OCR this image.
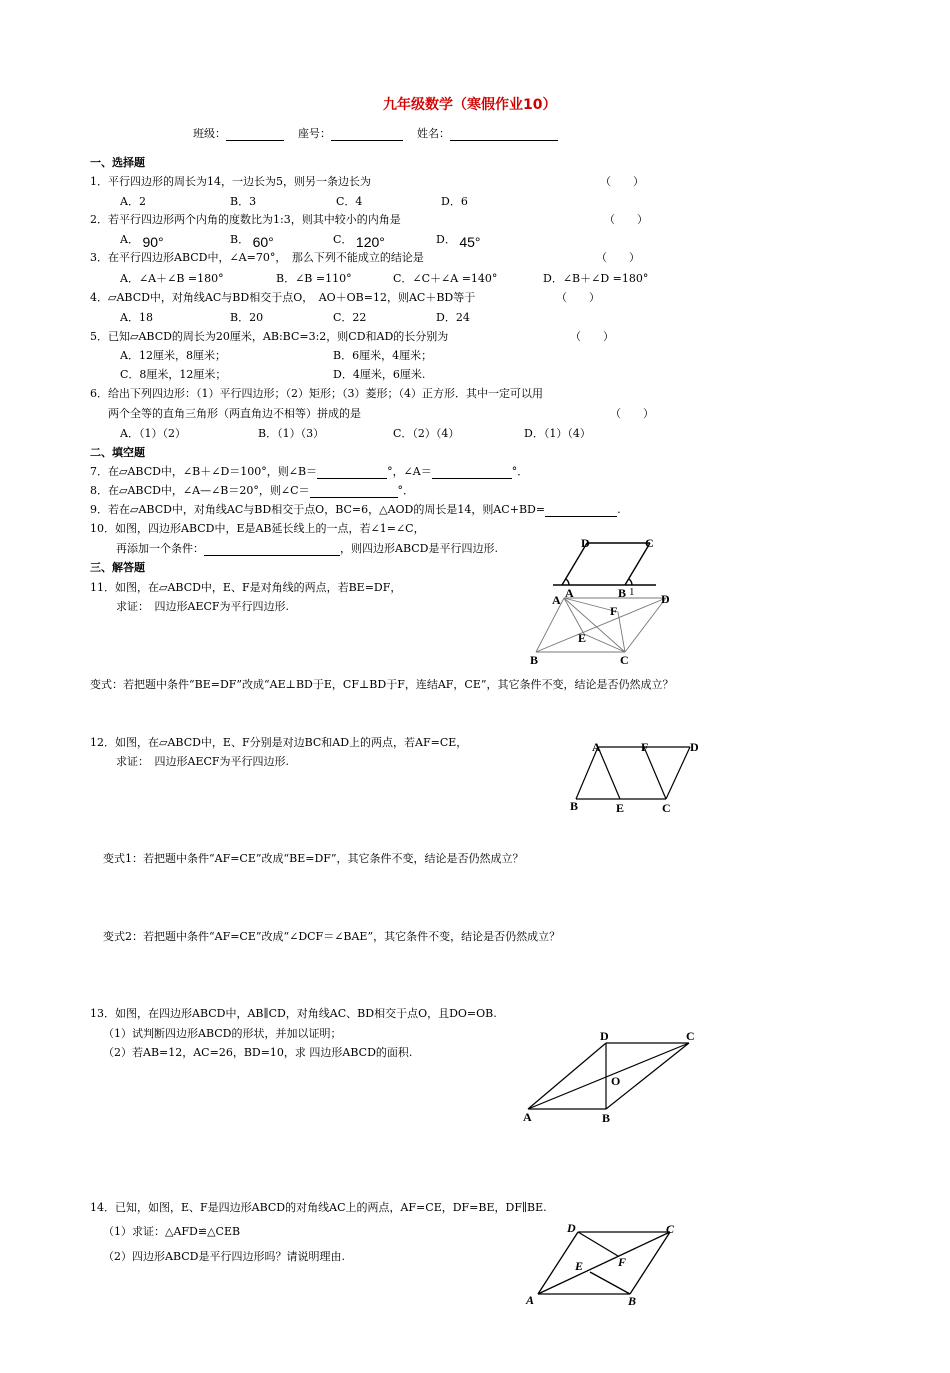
九年级数学（寒假作业10）
班级：	座号：	姓名：
一、选择题
1．平行四边形的周长为14，一边长为5，则另一条边长为	（　　）
A．2	B．3	C．4	D．6
2．若平行四边形两个内角的度数比为1:3，则其中较小的内角是	（　　）
A． 90°	B． 60°	C． 120°	D． 45°
3．在平行四边形ABCD中，∠A=70°，　那么下列不能成立的结论是	（　　）
A．∠A＋∠B =180°	B．∠B =110°	C．∠C＋∠A =140°	D．∠B＋∠D =180°
4．▱ABCD中，对角线AC与BD相交于点O，　AO＋OB=12，则AC＋BD等于	（　　）
A．18	B．20	C．22	D．24
5．已知▱ABCD的周长为20厘米，AB:BC=3:2，则CD和AD的长分别为	（　　）
A．12厘米，8厘米；	B．6厘米，4厘米；
C．8厘米，12厘米；	D．4厘米，6厘米.
6．给出下列四边形：（1）平行四边形；（2）矩形；（3）菱形；（4）正方形．其中一定可以用
两个全等的直角三角形（两直角边不相等）拼成的是	（　　）
A．（1）（2）	B．（1）（3）	C．（2）（4）	D．（1）（4）
二、填空题
7．在▱ABCD中，∠B＋∠D＝100°，则∠B＝	°，∠A＝	°．
8．在▱ABCD中，∠A—∠B＝20°，则∠C＝	°．
9．若在▱ABCD中，对角线AC与BD相交于点O，BC=6，△AOD的周长是14，则AC+BD=	.
10．如图，四边形ABCD中，E是AB延长线上的一点，若∠1=∠C，
再添加一个条件：	，则四边形ABCD是平行四边形.	D	C
A	B 1
三、解答题
11．如图，在▱ABCD中，E、F是对角线的两点，若BE=DF，
求证：　四边形AECF为平行四边形.	A	D
F
E
B	C
变式：若把题中条件“BE=DF”改成“AE⊥BD于E，CF⊥BD于F，连结AF，CE”，其它条件不变，结论是否仍然成立？
12．如图，在▱ABCD中，E、F分别是对边BC和AD上的两点，若AF=CE，
求证：　四边形AECF为平行四边形.
A	F	D
B	E	C
变式1：若把题中条件“AF=CE”改成“BE=DF”，其它条件不变，结论是否仍然成立？
变式2：若把题中条件“AF=CE”改成“∠DCF＝∠BAE”，其它条件不变，结论是否仍然成立？
13．如图，在四边形ABCD中，AB∥CD，对角线AC、BD相交于点O，且DO=OB.
（1）试判断四边形ABCD的形状，并加以证明；
（2）若AB=12，AC=26，BD=10，求 四边形ABCD的面积.
D	C
O
A	B
14．已知，如图，E、F是四边形ABCD的对角线AC上的两点，AF=CE，DF=BE，DF∥BE.
（1）求证：△AFD≌△CEB
（2）四边形ABCD是平行四边形吗？请说明理由.
D	C
E	F
A	B
